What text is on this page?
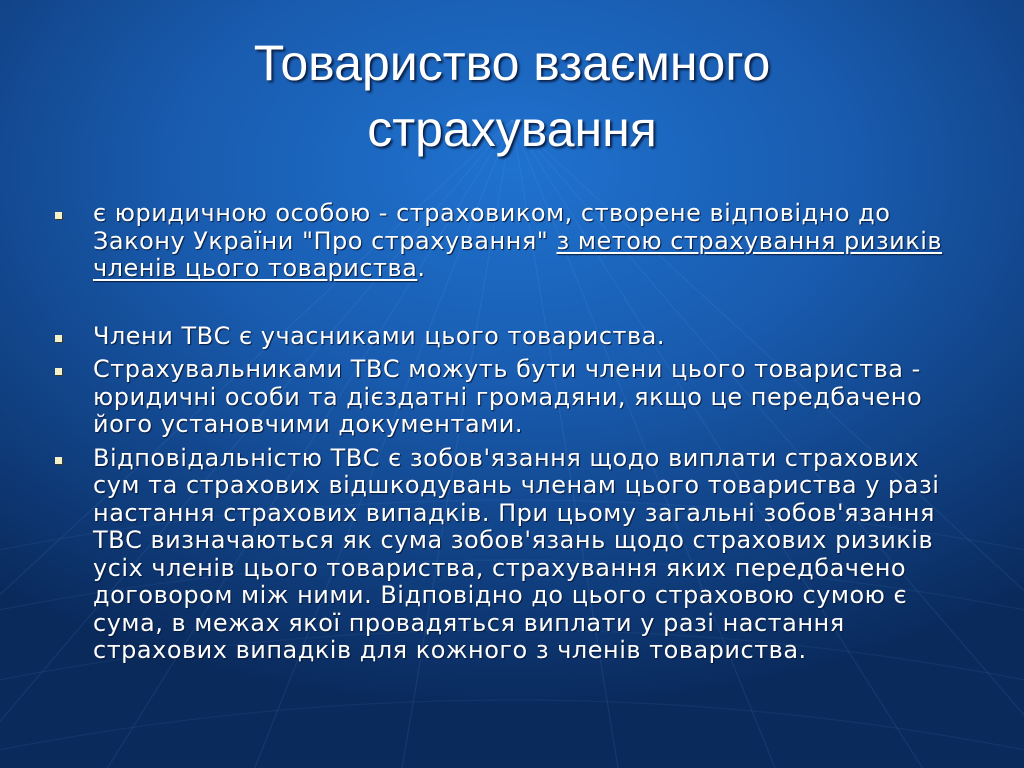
Товариство взаємного
страхування
є юридичною особою - страховиком, створене відповідно до Закону України "Про страхування" з метою страхування ризиків членів цього товариства.
Члени ТВС є учасниками цього товариства.
Страхувальниками ТВС можуть бути члени цього товариства - юридичні особи та дієздатні громадяни, якщо це передбачено його установчими документами.
Відповідальністю ТВС є зобов'язання щодо виплати страхових сум та страхових відшкодувань членам цього товариства у разі настання страхових випадків. При цьому загальні зобов'язання ТВС визначаються як сума зобов'язань щодо страхових ризиків усіх членів цього товариства, страхування яких передбачено договором між ними. Відповідно до цього страховою сумою є сума, в межах якої провадяться виплати у разі настання страхових випадків для кожного з членів товариства.
